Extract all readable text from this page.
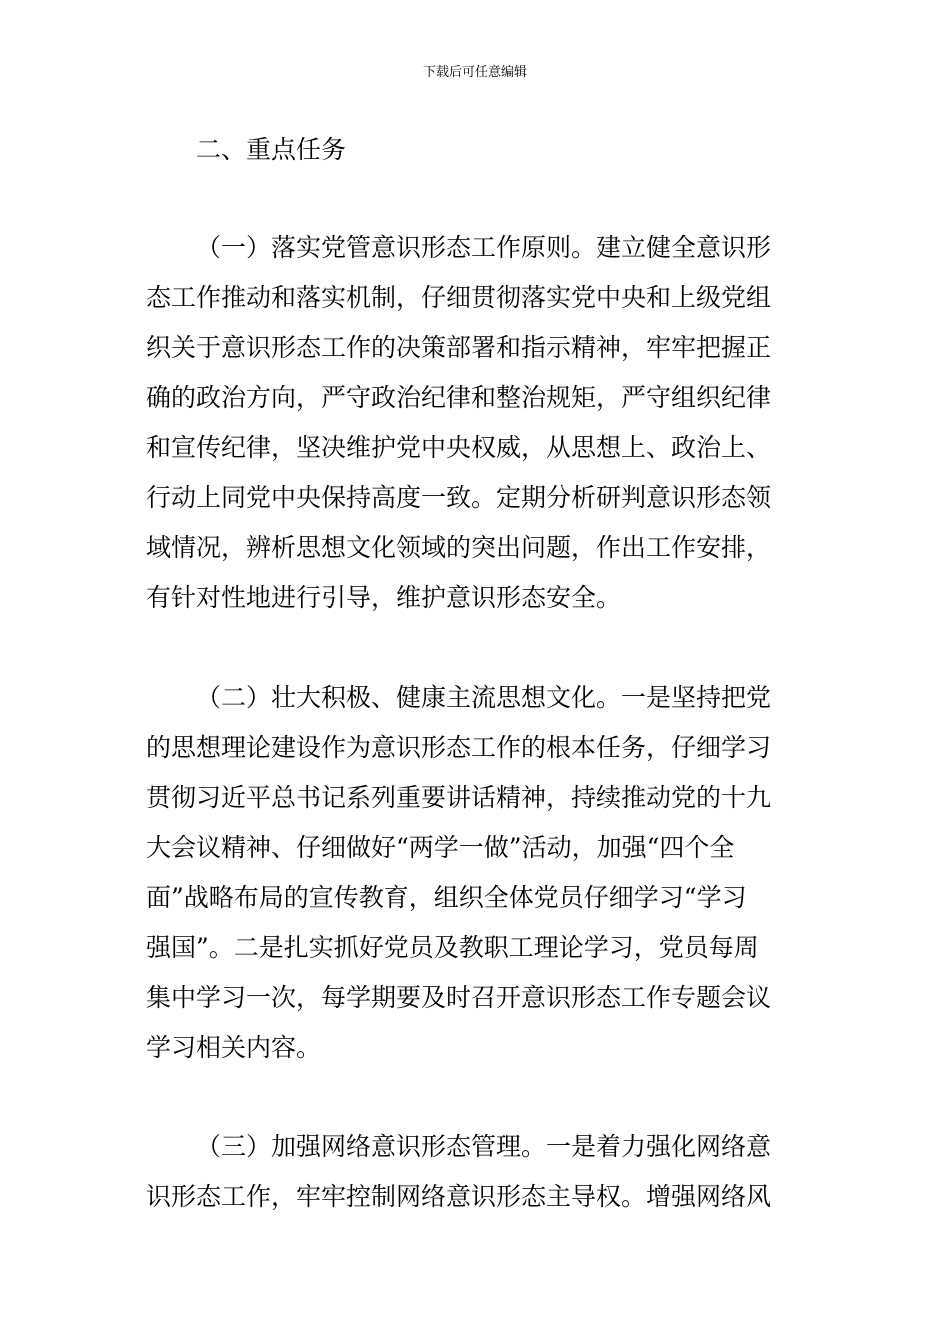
下载后可任意编辑
二、重点任务
（一）落实党管意识形态工作原则。建立健全意识形
态工作推动和落实机制，仔细贯彻落实党中央和上级党组
织关于意识形态工作的决策部署和指示精神，牢牢把握正
确的政治方向，严守政治纪律和整治规矩，严守组织纪律
和宣传纪律，坚决维护党中央权威，从思想上、政治上、
行动上同党中央保持高度一致。定期分析研判意识形态领
域情况，辨析思想文化领域的突出问题，作出工作安排，
有针对性地进行引导，维护意识形态安全。
（二）壮大积极、健康主流思想文化。一是坚持把党
的思想理论建设作为意识形态工作的根本任务，仔细学习
贯彻习近平总书记系列重要讲话精神，持续推动党的十九
大会议精神、仔细做好“两学一做”活动，加强“四个全
面”战略布局的宣传教育，组织全体党员仔细学习“学习
强国”。二是扎实抓好党员及教职工理论学习，党员每周
集中学习一次，每学期要及时召开意识形态工作专题会议
学习相关内容。
（三）加强网络意识形态管理。一是着力强化网络意
识形态工作，牢牢控制网络意识形态主导权。增强网络风
